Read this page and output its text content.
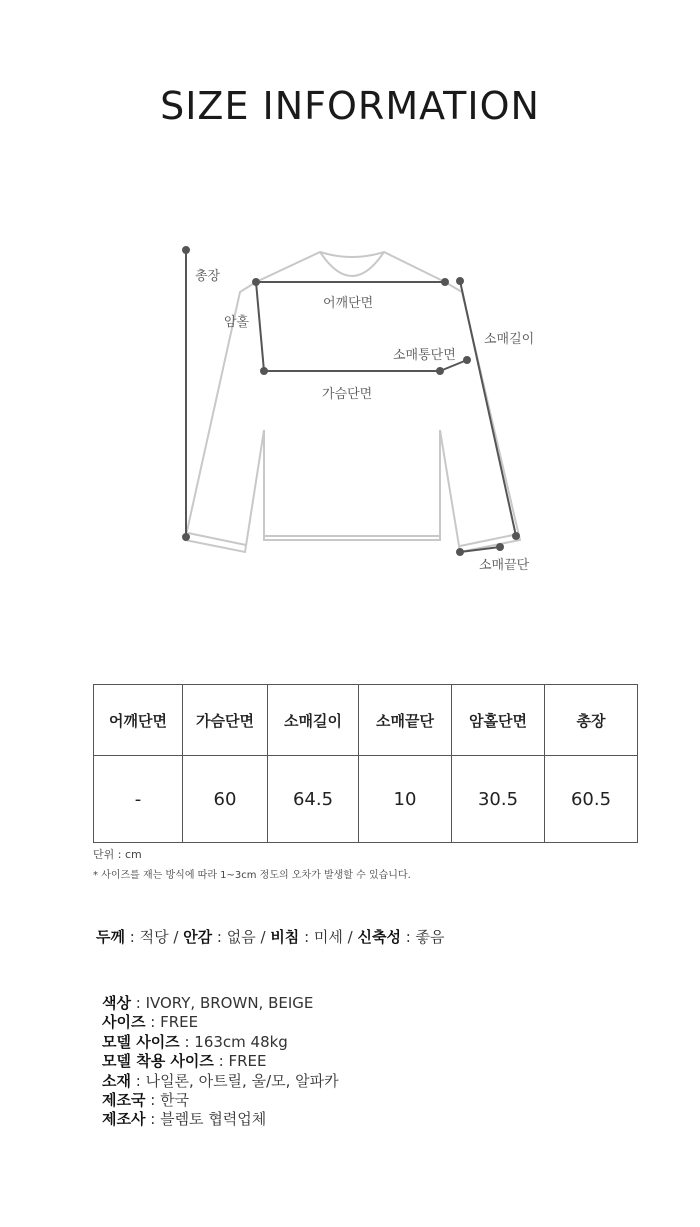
SIZE INFORMATION
총장
암홀
어깨단면
가슴단면
소매통단면
소매길이
소매끝단
어깨단면	가슴단면	소매길이	소매끝단	암홀단면	총장
-	60	64.5	10	30.5	60.5
단위 : cm
* 사이즈를 재는 방식에 따라 1~3cm 정도의 오차가 발생할 수 있습니다.
두께 : 적당 / 안감 : 없음 / 비침 : 미세 / 신축성 : 좋음
색상 : IVORY, BROWN, BEIGE
사이즈 : FREE
모델 사이즈 : 163cm 48kg
모델 착용 사이즈 : FREE
소재 : 나일론, 아트릴, 울/모, 알파카
제조국 : 한국
제조사 : 블렘토 협력업체
